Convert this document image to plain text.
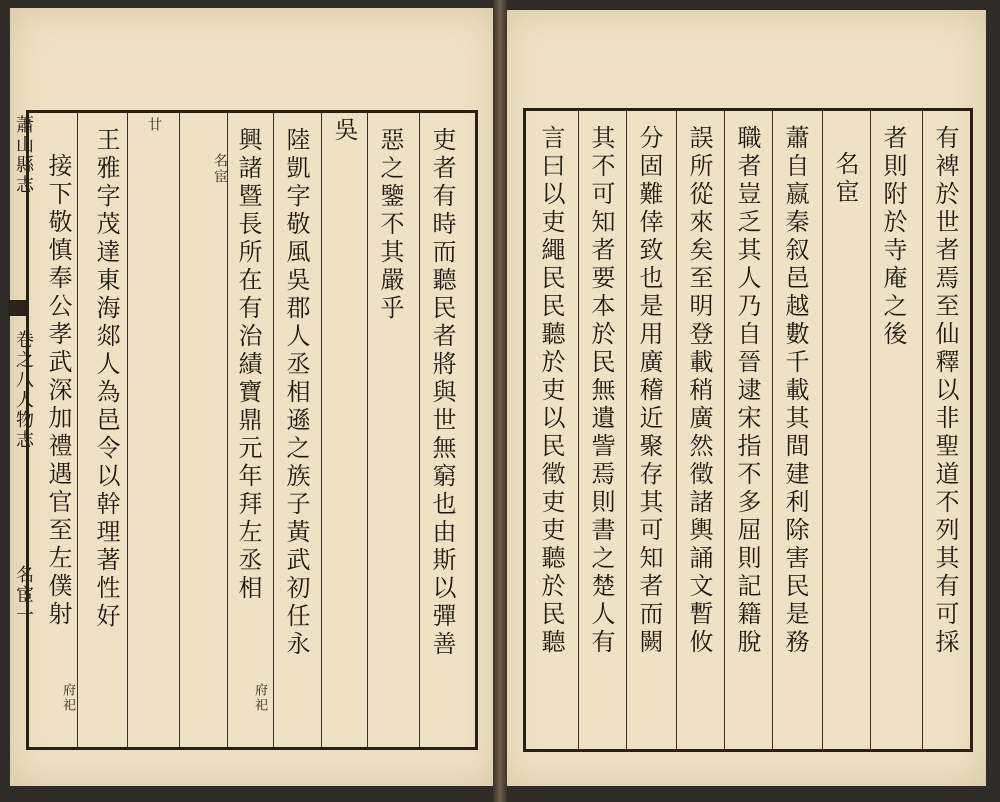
蕭山縣志
卷之八人物志
名宦一	吏者有時而聽民者將與世無窮也由斯以彈善
惡之鑒不其嚴乎
吳
陸凱字敬風吳郡人丞相遜之族子黃武初任永
興諸暨長所在有治績寶鼎元年拜左丞相
名宦
王雅字茂達東海郯人為邑令以幹理著性好
接下敬慎奉公孝武深加禮遇官至左僕射
府祀
府祀
廿	有裨於世者焉至仙釋以非聖道不列其有可採
者則附於寺庵之後
名宦
蕭自嬴秦叙邑越數千載其間建利除害民是務
職者豈乏其人乃自晉逮宋指不多屈則記籍脫
誤所從來矣至明登載稍廣然徵諸輿誦文暫攸
分固難倖致也是用廣稽近聚存其可知者而闕
其不可知者要本於民無遺訾焉則書之楚人有
言曰以吏繩民民聽於吏以民徵吏吏聽於民聽
